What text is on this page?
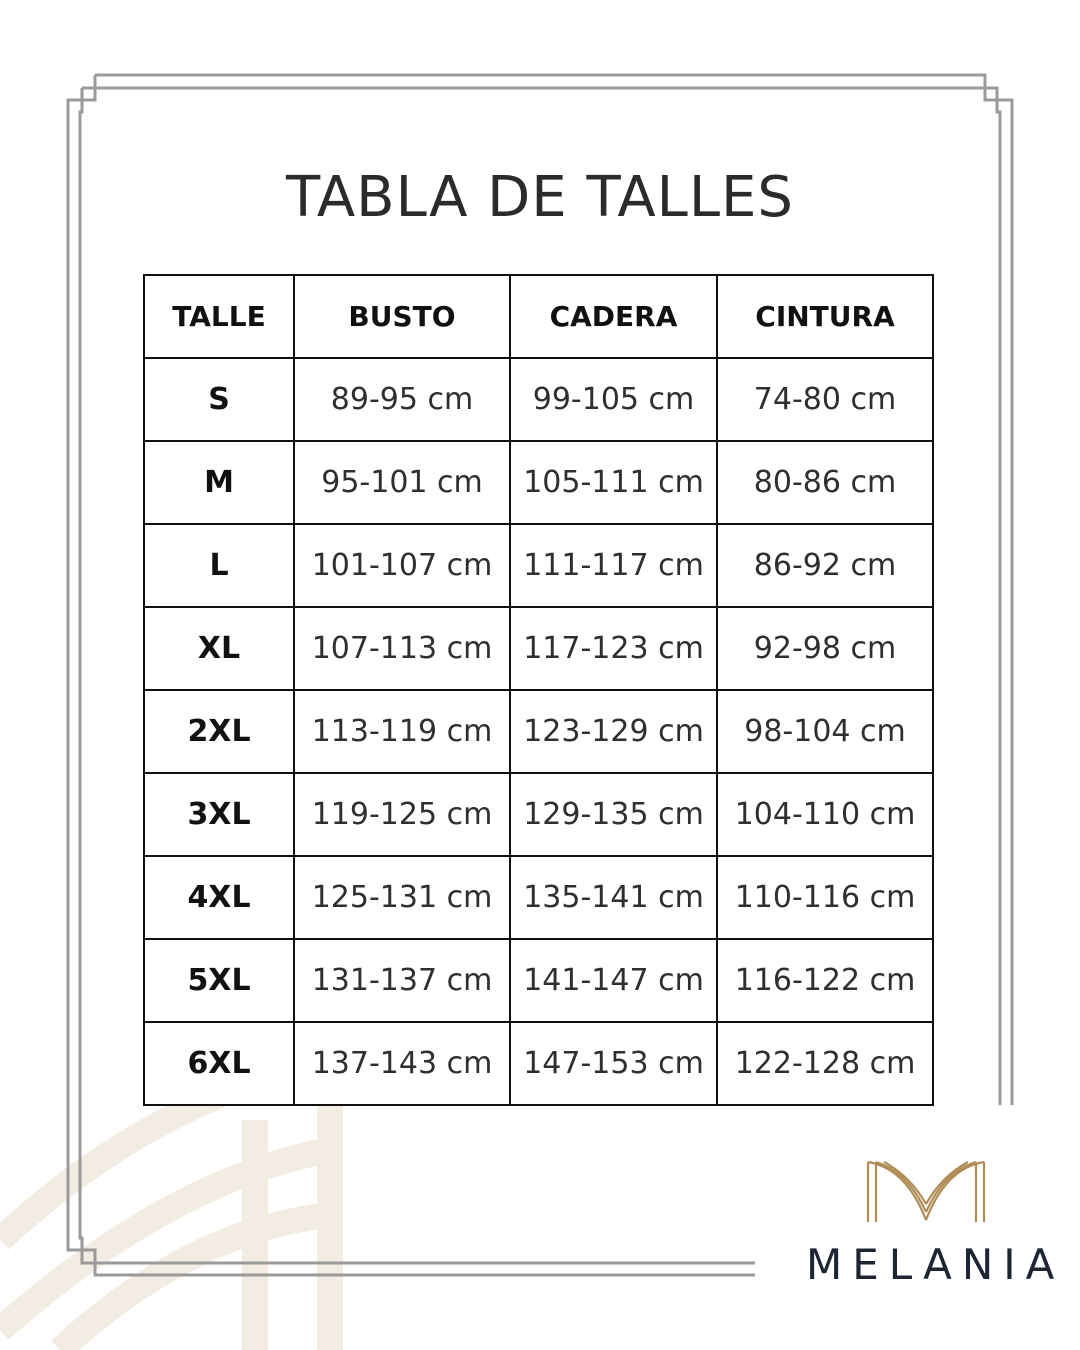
TABLA DE TALLES
TALLE	BUSTO	CADERA	CINTURA
S	89-95 cm	99-105 cm	74-80 cm
M	95-101 cm	105-111 cm	80-86 cm
L	101-107 cm	111-117 cm	86-92 cm
XL	107-113 cm	117-123 cm	92-98 cm
2XL	113-119 cm	123-129 cm	98-104 cm
3XL	119-125 cm	129-135 cm	104-110 cm
4XL	125-131 cm	135-141 cm	110-116 cm
5XL	131-137 cm	141-147 cm	116-122 cm
6XL	137-143 cm	147-153 cm	122-128 cm
MELANIA
